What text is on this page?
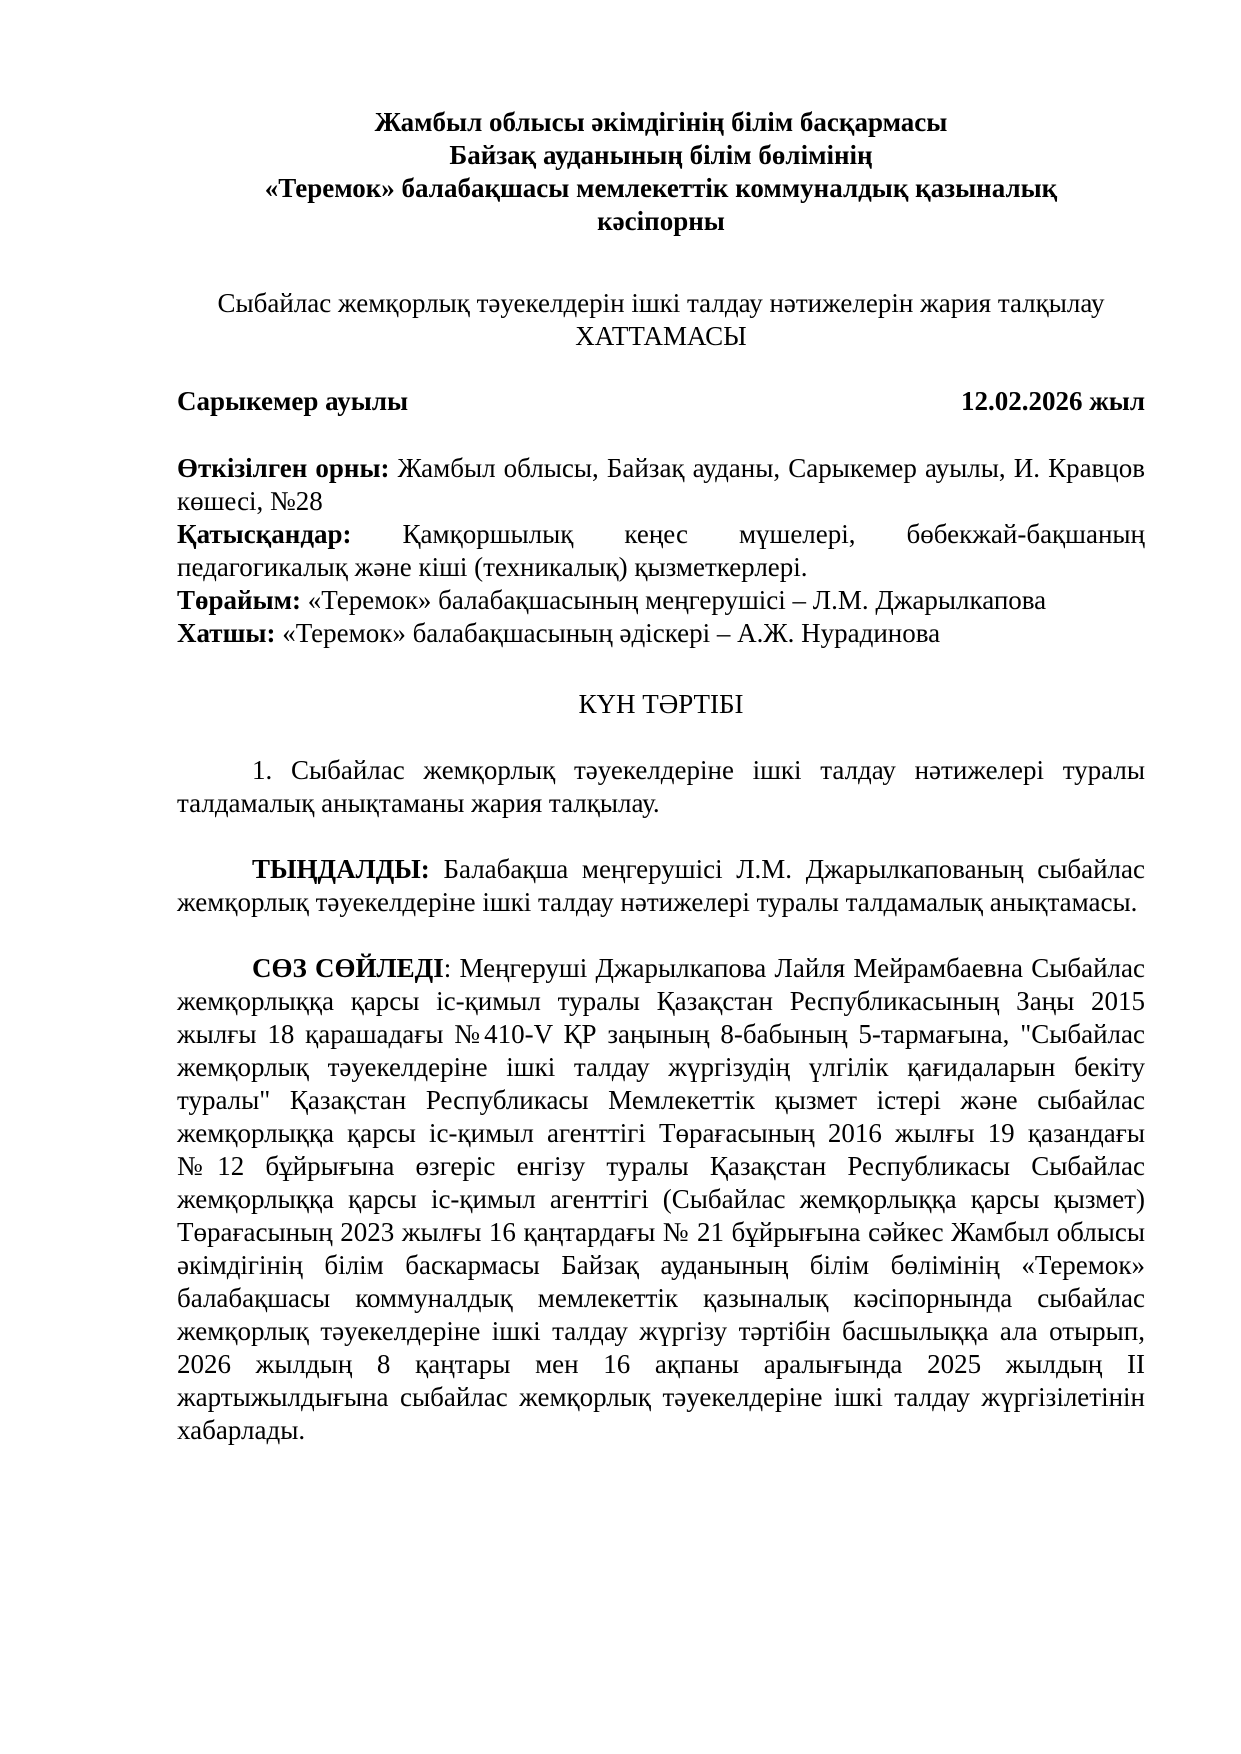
Жамбыл облысы әкімдігінің білім басқармасы

Байзақ ауданының білім бөлімінің

«Теремок» балабақшасы мемлекеттік коммуналдық қазыналық кәсіпорны

Сыбайлас жемқорлық тәуекелдерін ішкі талдау нәтижелерін жария талқылау

ХАТТАМАСЫ

Сарыкемер ауылы	12.02.2026 жыл

Өткізілген орны: Жамбыл облысы, Байзақ ауданы, Сарыкемер ауылы, И. Кравцов көшесі, №28

Қатысқандар: Қамқоршылық кеңес мүшелері, бөбекжай-бақшаның педагогикалық және кіші (техникалық) қызметкерлері.

Төрайым: «Теремок» балабақшасының меңгерушісі – Л.М. Джарылкапова

Хатшы: «Теремок» балабақшасының әдіскері – А.Ж. Нурадинова

КҮН ТӘРТІБІ
1. Сыбайлас жемқорлық тәуекелдеріне ішкі талдау нәтижелері туралы талдамалық анықтаманы жария талқылау.
ТЫҢДАЛДЫ: Балабақша меңгерушісі Л.М. Джарылкапованың сыбайлас жемқорлық тәуекелдеріне ішкі талдау нәтижелері туралы талдамалық анықтамасы.
СӨЗ СӨЙЛЕДІ: Меңгеруші Джарылкапова Лайля Мейрамбаевна Сыбайлас жемқорлыққа қарсы іс-қимыл туралы Қазақстан Республикасының Заңы 2015 жылғы 18 қарашадағы №410-V ҚР заңының 8-бабының 5-тармағына, "Сыбайлас жемқорлық тәуекелдеріне ішкі талдау жүргізудің үлгілік қағидаларын бекіту туралы" Қазақстан Республикасы Мемлекеттік қызмет істері және сыбайлас жемқорлыққа қарсы іс-қимыл агенттігі Төрағасының 2016 жылғы 19 қазандағы №12 бұйрығына өзгеріс енгізу туралы Қазақстан Республикасы Сыбайлас жемқорлыққа қарсы іс-қимыл агенттігі (Сыбайлас жемқорлыққа қарсы қызмет) Төрағасының 2023 жылғы 16 қаңтардағы № 21 бұйрығына сәйкес Жамбыл облысы әкімдігінің білім баскармасы Байзақ ауданының білім бөлімінің «Теремок» балабақшасы коммуналдық мемлекеттік қазыналық кәсіпорнында сыбайлас жемқорлық тәуекелдеріне ішкі талдау жүргізу тәртібін басшылыққа ала отырып, 2026 жылдың 8 қаңтары мен 16 ақпаны аралығында 2025 жылдың ІІ жартыжылдығына сыбайлас жемқорлық тәуекелдеріне ішкі талдау жүргізілетінін хабарлады.
